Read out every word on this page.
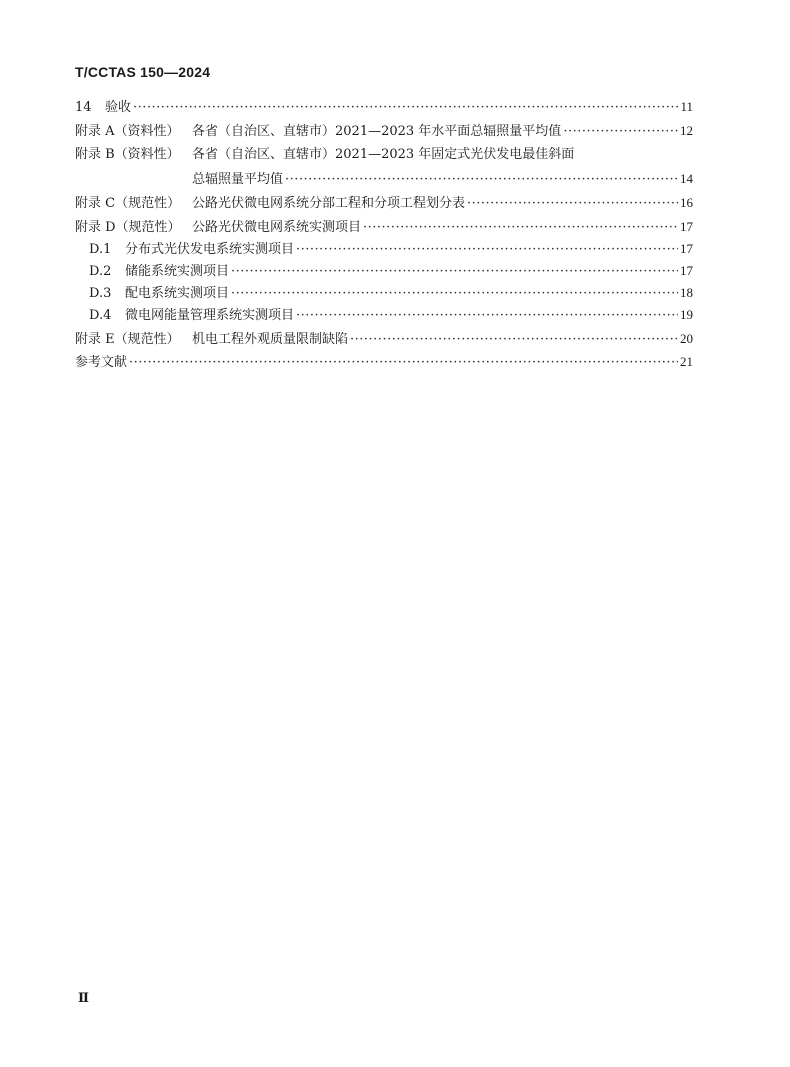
T/CCTAS 150—2024
14	验收 ·····	11
附录 A（资料性） 各省（自治区、直辖市）2021—2023 年水平面总辐照量平均值 ·····	12
附录 B（资料性） 各省（自治区、直辖市）2021—2023 年固定式光伏发电最佳斜面
总辐照量平均值 ·····	14
附录 C（规范性） 公路光伏微电网系统分部工程和分项工程划分表 ·····	16
附录 D（规范性） 公路光伏微电网系统实测项目 ·····	17
D.1	分布式光伏发电系统实测项目 ·····	17
D.2	储能系统实测项目 ·····	17
D.3	配电系统实测项目 ·····	18
D.4	微电网能量管理系统实测项目 ·····	19
附录 E（规范性） 机电工程外观质量限制缺陷 ·····	20
参考文献 ·····	21
Ⅱ
